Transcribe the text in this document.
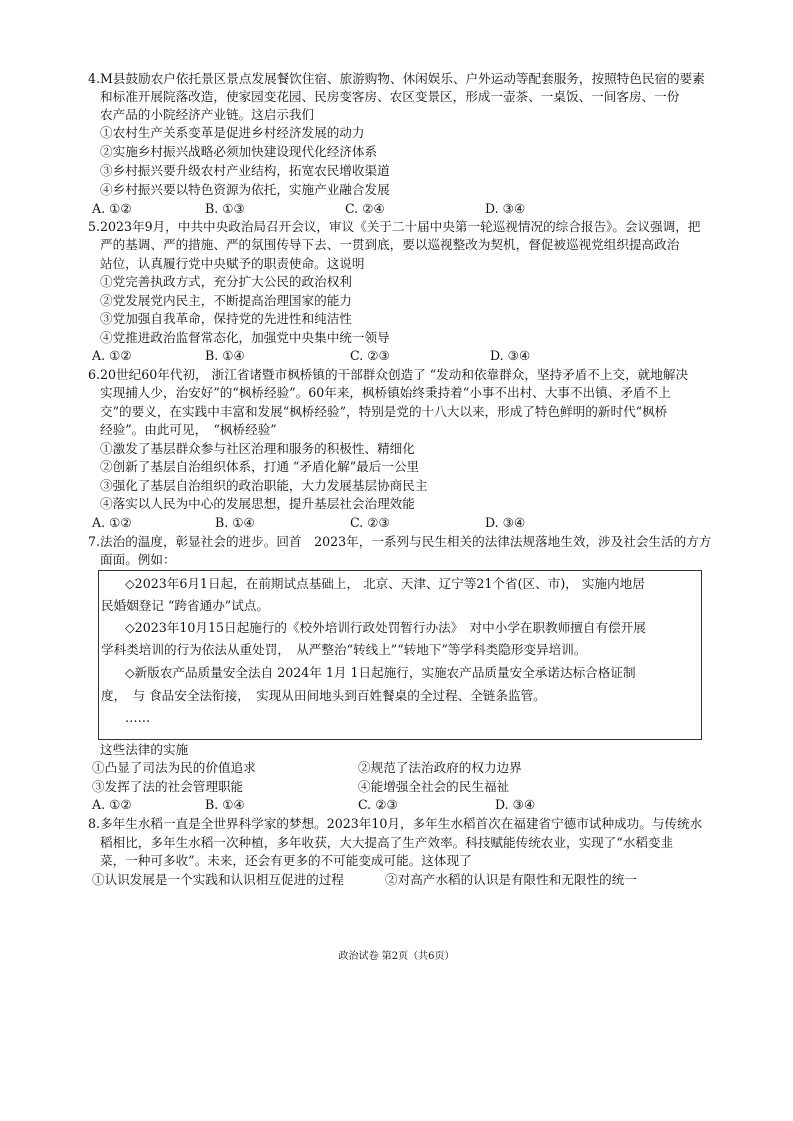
4.M县鼓励农户依托景区景点发展餐饮住宿、旅游购物、休闲娱乐、户外运动等配套服务，按照特色民宿的要素
和标准开展院落改造，使家园变花园、民房变客房、农区变景区，形成一壶茶、一桌饭、一间客房、一份
农产品的小院经济产业链。这启示我们
①农村生产关系变革是促进乡村经济发展的动力
②实施乡村振兴战略必须加快建设现代化经济体系
③乡村振兴要升级农村产业结构，拓宽农民增收渠道
④乡村振兴要以特色资源为依托，实施产业融合发展
A. ①②	B. ①③	C. ②④	D. ③④
5.2023年9月，中共中央政治局召开会议，审议《关于二十届中央第一轮巡视情况的综合报告》。会议强调，把
严的基调、严的措施、严的氛围传导下去、一贯到底，要以巡视整改为契机，督促被巡视党组织提高政治
站位，认真履行党中央赋予的职责使命。这说明
①党完善执政方式，充分扩大公民的政治权利
②党发展党内民主，不断提高治理国家的能力
③党加强自我革命，保持党的先进性和纯洁性
④党推进政治监督常态化，加强党中央集中统一领导
A. ①②	B. ①④	C. ②③	D. ③④
6.20世纪60年代初， 浙江省诸暨市枫桥镇的干部群众创造了 “发动和依靠群众，坚持矛盾不上交，就地解决
实现捕人少，治安好”的“枫桥经验”。60年来，枫桥镇始终秉持着“小事不出村、大事不出镇、矛盾不上
交”的要义，在实践中丰富和发展“枫桥经验”，特别是党的十八大以来，形成了特色鲜明的新时代“枫桥
经验”。由此可见，　“枫桥经验”
①激发了基层群众参与社区治理和服务的积极性、精细化
②创新了基层自治组织体系，打通 “矛盾化解”最后一公里
③强化了基层自治组织的政治职能，大力发展基层协商民主
④落实以人民为中心的发展思想，提升基层社会治理效能
A. ①②	B. ①④	C. ②③	D. ③④
7.法治的温度，彰显社会的进步。回首　2023年，一系列与民生相关的法律法规落地生效，涉及社会生活的方方
面面。例如：
◇2023年6月1日起，在前期试点基础上， 北京、天津、辽宁等21个省(区、市)， 实施内地居
民婚姻登记 “跨省通办”试点。
◇2023年10月15日起施行的《校外培训行政处罚暂行办法》　对中小学在职教师擅自有偿开展
学科类培训的行为依法从重处罚，　从严整治“转线上”“转地下”等学科类隐形变异培训。
◇新版农产品质量安全法自 2024年 1月 1日起施行，实施农产品质量安全承诺达标合格证制
度，　与 食品安全法衔接，　实现从田间地头到百姓餐桌的全过程、全链条监管。
……
这些法律的实施
①凸显了司法为民的价值追求	②规范了法治政府的权力边界
③发挥了法的社会管理职能	④能增强全社会的民生福祉
A. ①②	B. ①④	C. ②③	D. ③④
8.多年生水稻一直是全世界科学家的梦想。2023年10月，多年生水稻首次在福建省宁德市试种成功。与传统水
稻相比，多年生水稻一次种植，多年收获，大大提高了生产效率。科技赋能传统农业，实现了“水稻变韭
菜，一种可多收”。未来，还会有更多的不可能变成可能。这体现了
①认识发展是一个实践和认识相互促进的过程	②对高产水稻的认识是有限性和无限性的统一
政治试卷 第2页（共6页）
